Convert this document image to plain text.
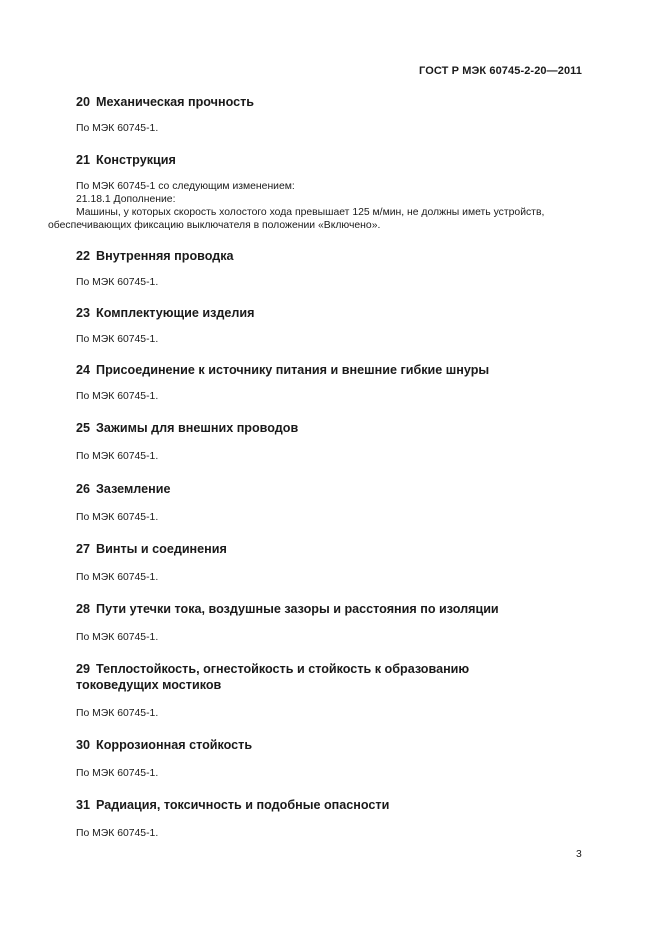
ГОСТ Р МЭК 60745-2-20—2011
20 Механическая прочность
По МЭК 60745-1.
21 Конструкция
По МЭК 60745-1 со следующим изменением:
21.18.1 Дополнение:
Машины, у которых скорость холостого хода превышает 125 м/мин, не должны иметь устройств,
обеспечивающих фиксацию выключателя в положении «Включено».
22 Внутренняя проводка
По МЭК 60745-1.
23 Комплектующие изделия
По МЭК 60745-1.
24 Присоединение к источнику питания и внешние гибкие шнуры
По МЭК 60745-1.
25 Зажимы для внешних проводов
По МЭК 60745-1.
26 Заземление
По МЭК 60745-1.
27 Винты и соединения
По МЭК 60745-1.
28 Пути утечки тока, воздушные зазоры и расстояния по изоляции
По МЭК 60745-1.
29 Теплостойкость, огнестойкость и стойкость к образованию
токоведущих мостиков
По МЭК 60745-1.
30 Коррозионная стойкость
По МЭК 60745-1.
31 Радиация, токсичность и подобные опасности
По МЭК 60745-1.
3
